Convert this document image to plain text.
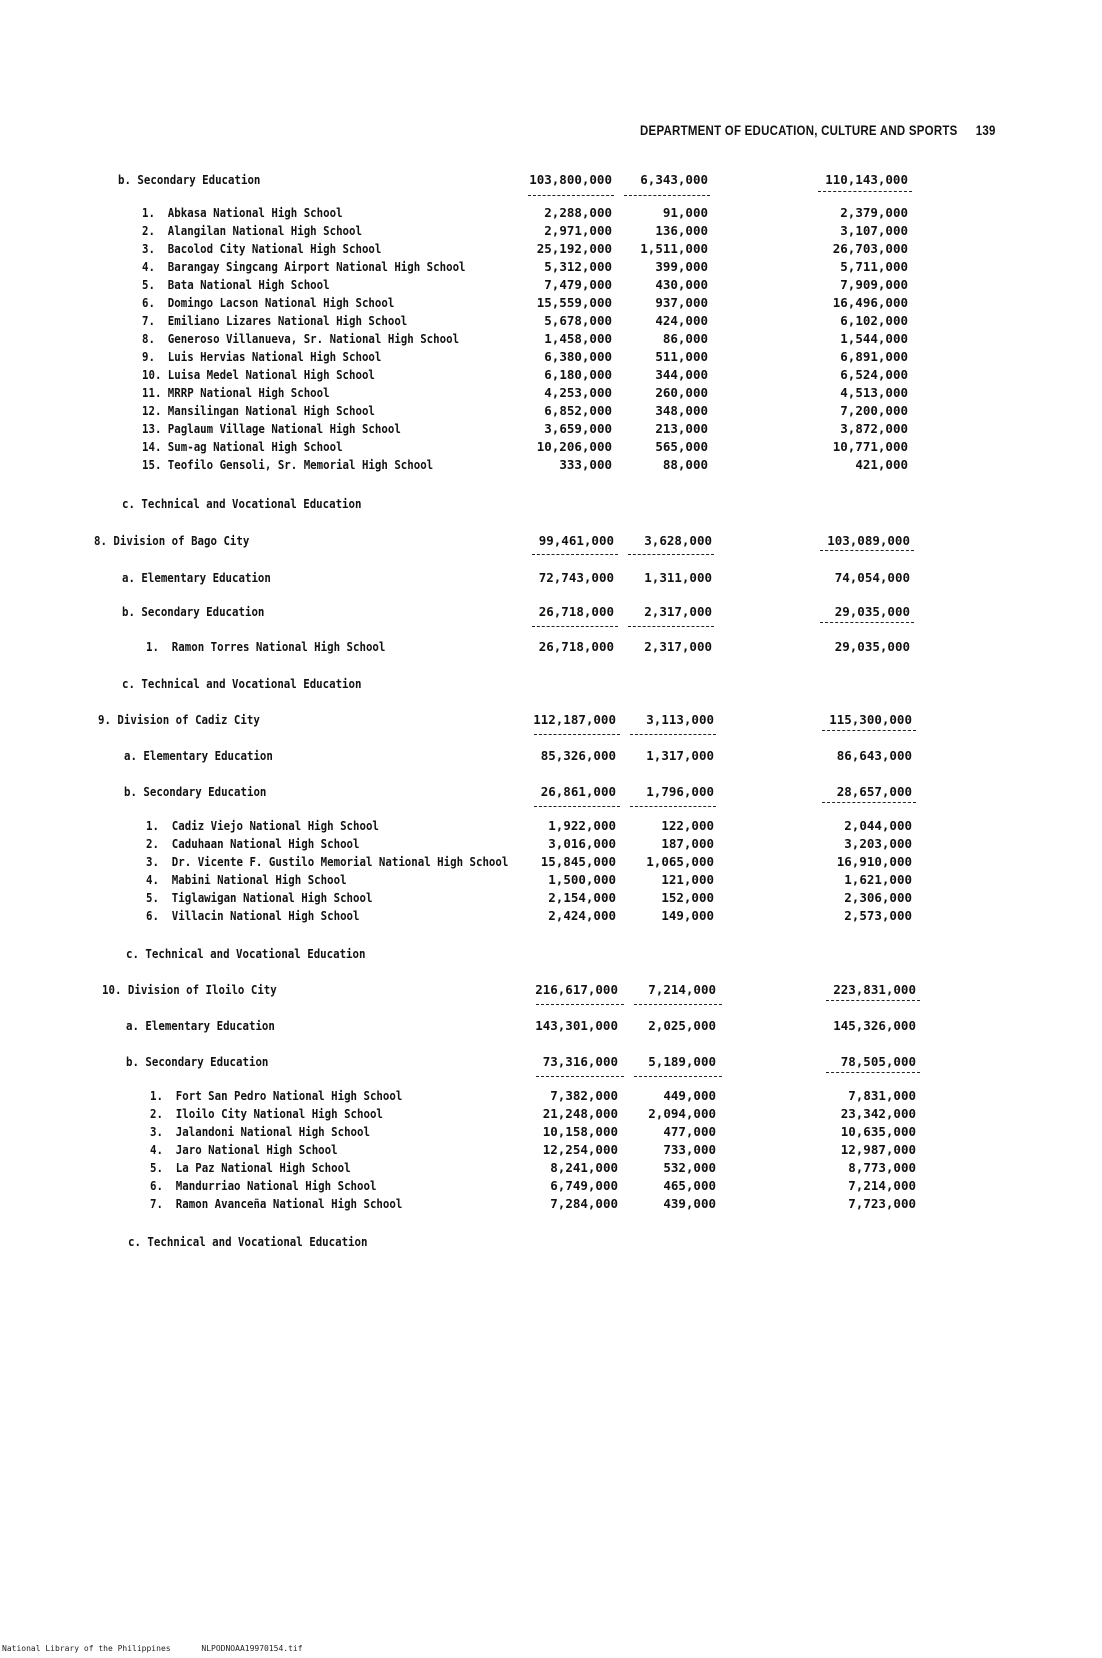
DEPARTMENT OF EDUCATION, CULTURE AND SPORTS 139
b. Secondary Education	103,800,000	6,343,000	110,143,000
1. Abkasa National High School	2,288,000	91,000	2,379,000
2. Alangilan National High School	2,971,000	136,000	3,107,000
3. Bacolod City National High School	25,192,000	1,511,000	26,703,000
4. Barangay Singcang Airport National High School	5,312,000	399,000	5,711,000
5. Bata National High School	7,479,000	430,000	7,909,000
6. Domingo Lacson National High School	15,559,000	937,000	16,496,000
7. Emiliano Lizares National High School	5,678,000	424,000	6,102,000
8. Generoso Villanueva, Sr. National High School	1,458,000	86,000	1,544,000
9. Luis Hervias National High School	6,380,000	511,000	6,891,000
10. Luisa Medel National High School	6,180,000	344,000	6,524,000
11. MRRP National High School	4,253,000	260,000	4,513,000
12. Mansilingan National High School	6,852,000	348,000	7,200,000
13. Paglaum Village National High School	3,659,000	213,000	3,872,000
14. Sum-ag National High School	10,206,000	565,000	10,771,000
15. Teofilo Gensoli, Sr. Memorial High School	333,000	88,000	421,000
c. Technical and Vocational Education
8. Division of Bago City	99,461,000	3,628,000	103,089,000
a. Elementary Education	72,743,000	1,311,000	74,054,000
b. Secondary Education	26,718,000	2,317,000	29,035,000
1. Ramon Torres National High School	26,718,000	2,317,000	29,035,000
c. Technical and Vocational Education
9. Division of Cadiz City	112,187,000	3,113,000	115,300,000
a. Elementary Education	85,326,000	1,317,000	86,643,000
b. Secondary Education	26,861,000	1,796,000	28,657,000
1. Cadiz Viejo National High School	1,922,000	122,000	2,044,000
2. Caduhaan National High School	3,016,000	187,000	3,203,000
3. Dr. Vicente F. Gustilo Memorial National High School	15,845,000	1,065,000	16,910,000
4. Mabini National High School	1,500,000	121,000	1,621,000
5. Tiglawigan National High School	2,154,000	152,000	2,306,000
6. Villacin National High School	2,424,000	149,000	2,573,000
c. Technical and Vocational Education
10. Division of Iloilo City	216,617,000	7,214,000	223,831,000
a. Elementary Education	143,301,000	2,025,000	145,326,000
b. Secondary Education	73,316,000	5,189,000	78,505,000
1. Fort San Pedro National High School	7,382,000	449,000	7,831,000
2. Iloilo City National High School	21,248,000	2,094,000	23,342,000
3. Jalandoni National High School	10,158,000	477,000	10,635,000
4. Jaro National High School	12,254,000	733,000	12,987,000
5. La Paz National High School	8,241,000	532,000	8,773,000
6. Mandurriao National High School	6,749,000	465,000	7,214,000
7. Ramon Avanceña National High School	7,284,000	439,000	7,723,000
c. Technical and Vocational Education
National Library of the Philippines	NLPODNOAA19970154.tif
